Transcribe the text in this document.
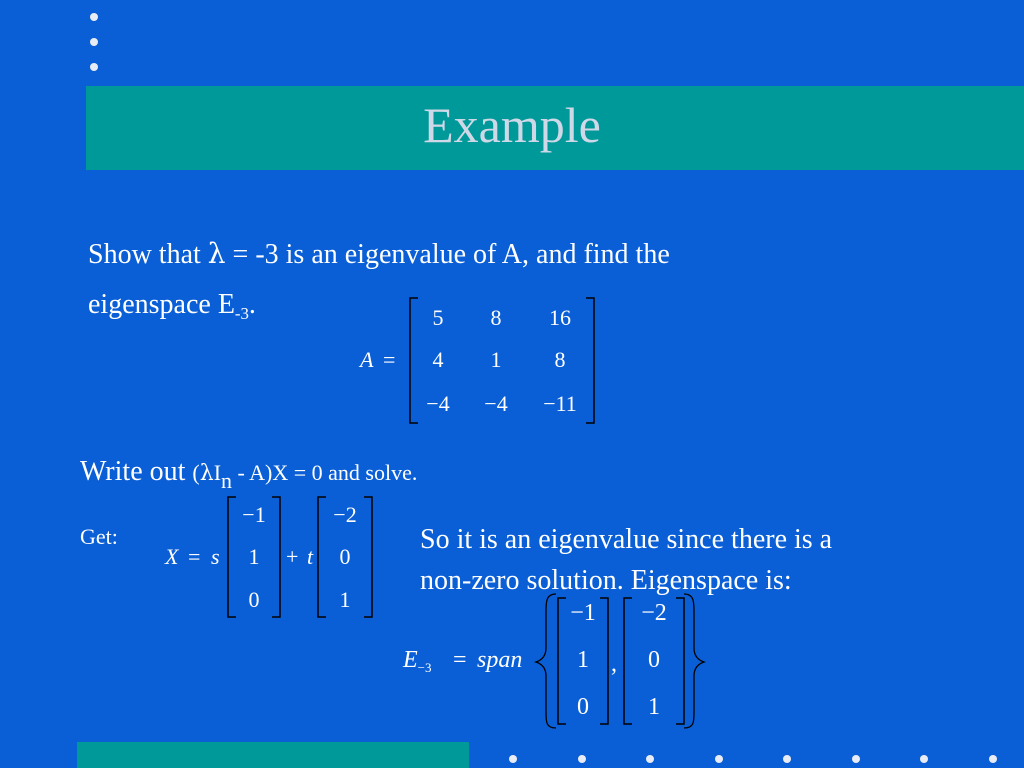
Example
Show that λ = -3 is an eigenvalue of A, and find the
eigenspace $E_{-3}$.
A =
5	8	16
4	1	8
−4	−4	−11
Write out $(\lambda I_n - A)X = 0$ and solve.
Get:
X = s	+ t
−1
1
0
−2
0
1
So it is an eigenvalue since there is a
non-zero solution. Eigenspace is:
$E_{-3}$ = span	,
−1
1
0
−2
0
1
